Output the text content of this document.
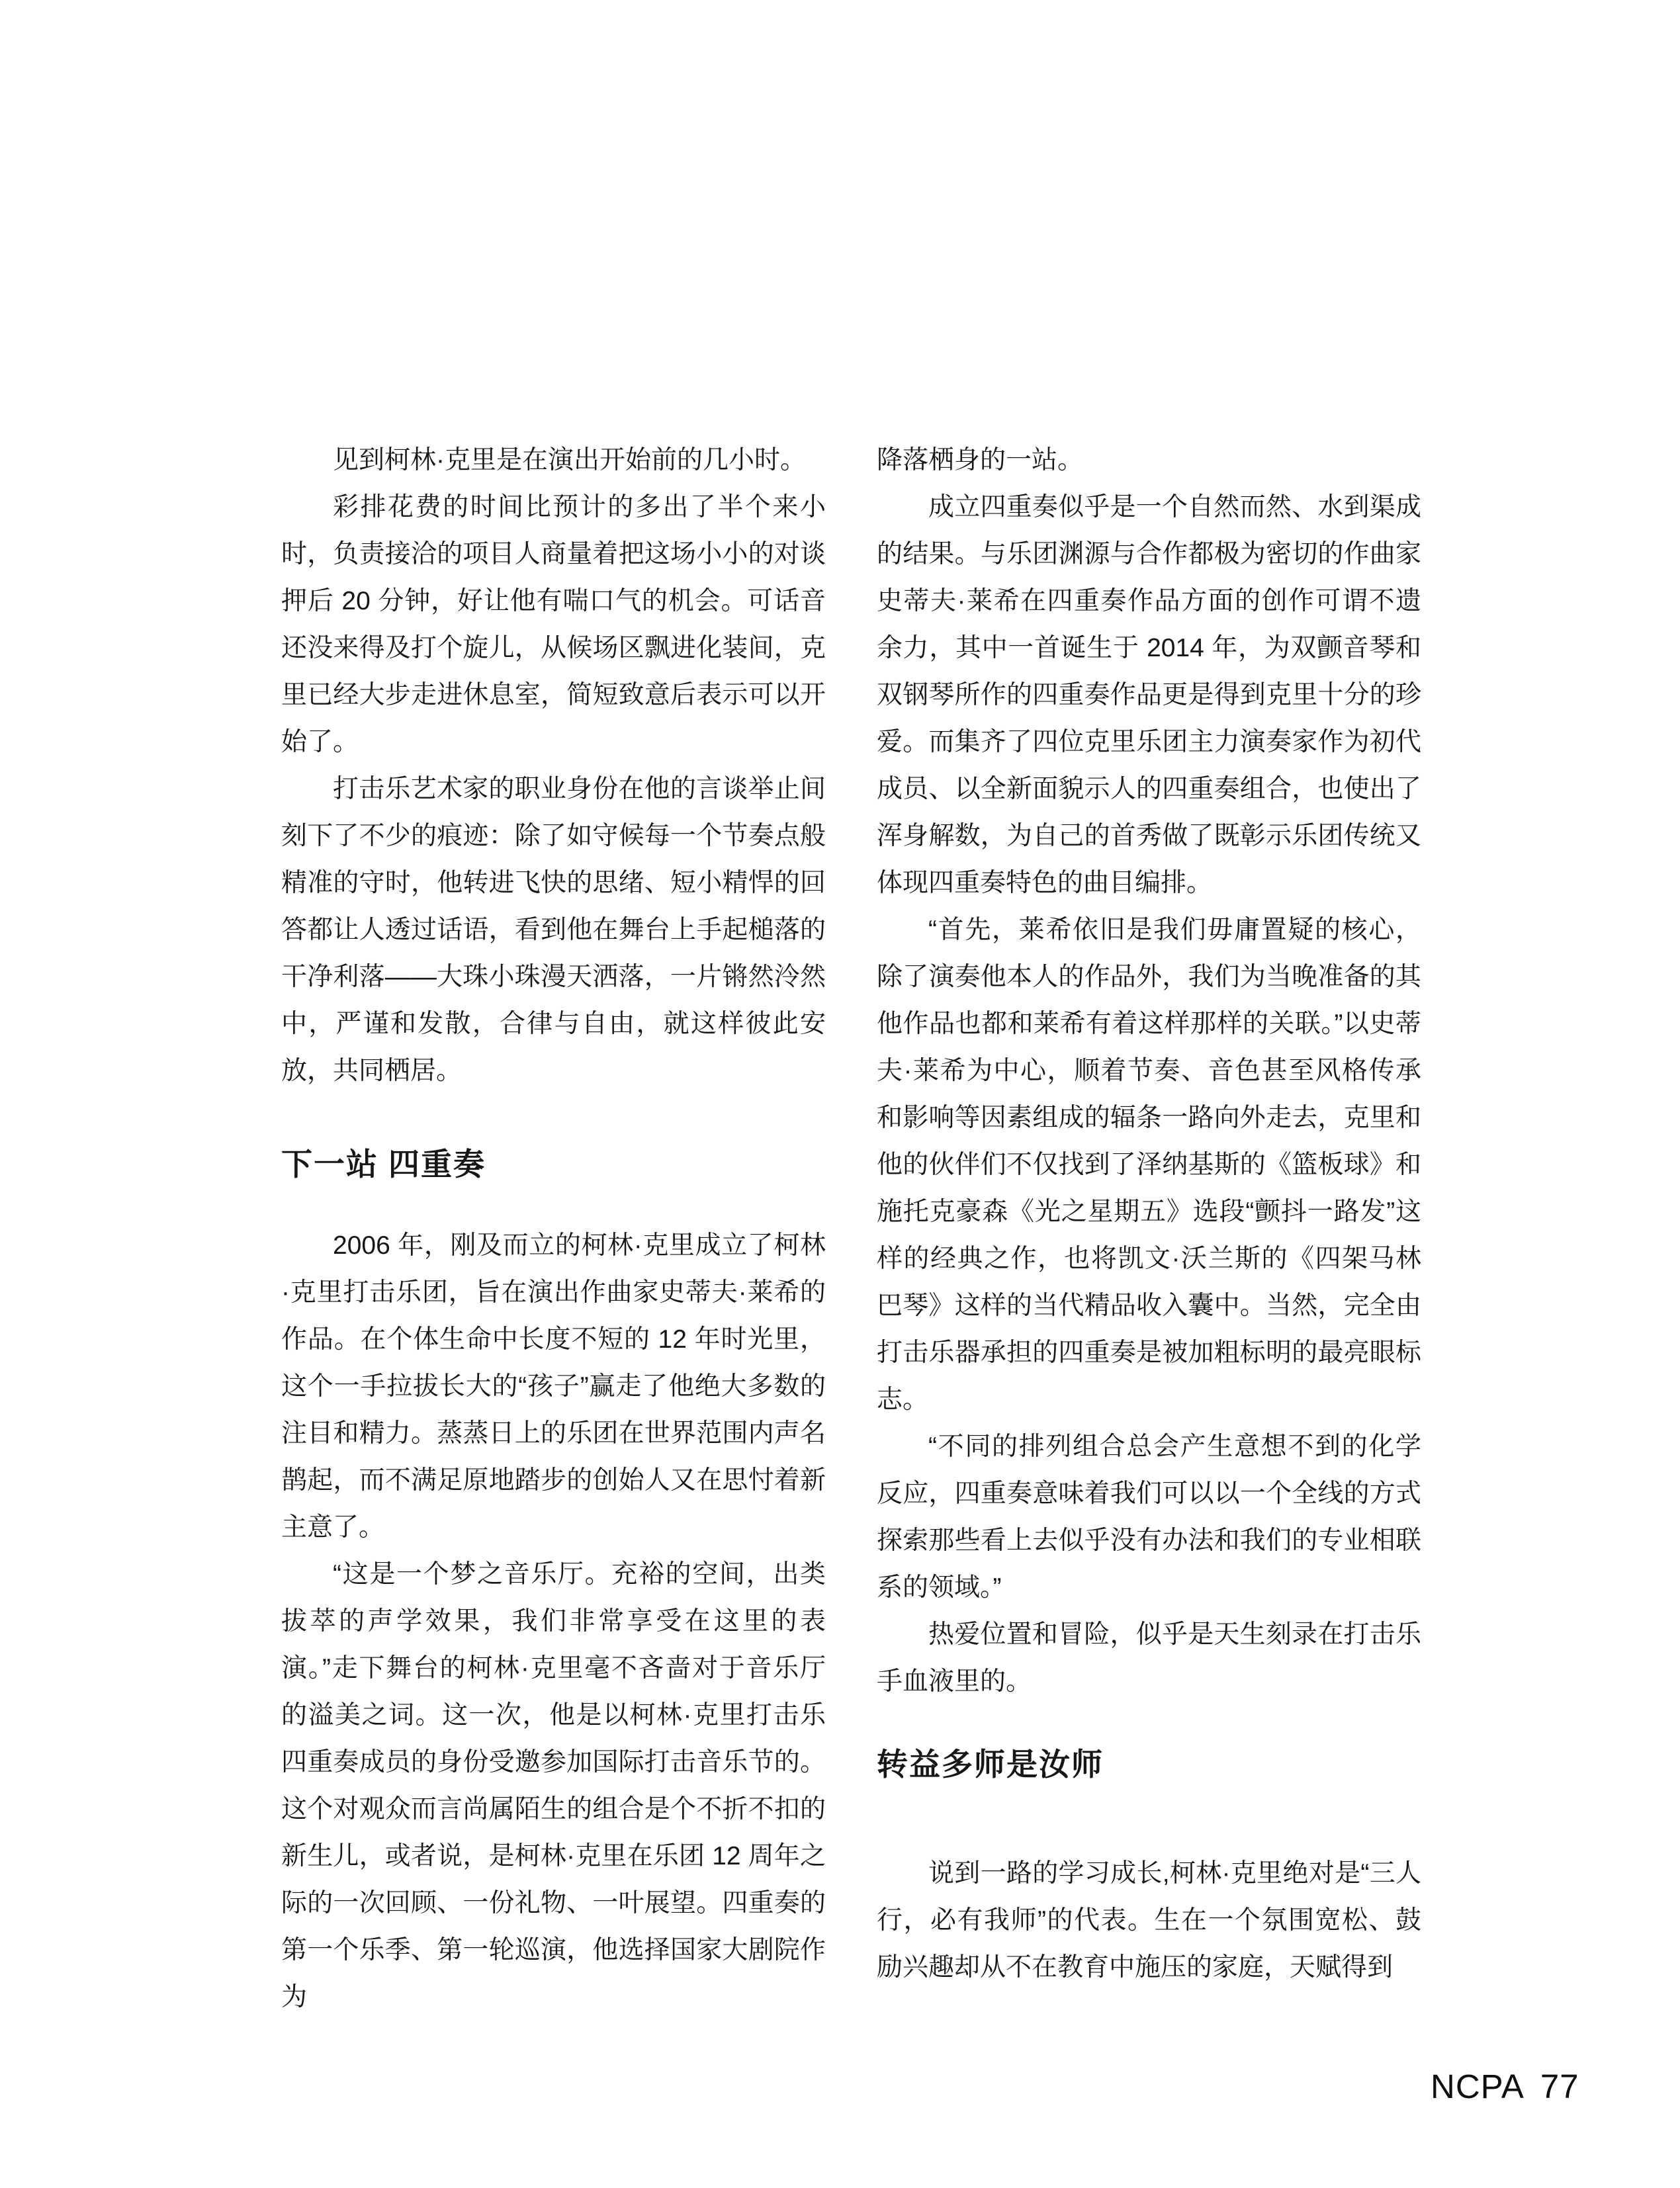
见到柯林·克里是在演出开始前的几小时。

彩排花费的时间比预计的多出了半个来小时，负责接洽的项目人商量着把这场小小的对谈押后 20 分钟，好让他有喘口气的机会。可话音还没来得及打个旋儿，从候场区飘进化装间，克里已经大步走进休息室，简短致意后表示可以开始了。

打击乐艺术家的职业身份在他的言谈举止间刻下了不少的痕迹：除了如守候每一个节奏点般精准的守时，他转进飞快的思绪、短小精悍的回答都让人透过话语，看到他在舞台上手起槌落的干净利落——大珠小珠漫天洒落，一片锵然泠然中，严谨和发散，合律与自由，就这样彼此安放，共同栖居。

下一站 四重奏

2006 年，刚及而立的柯林·克里成立了柯林·克里打击乐团，旨在演出作曲家史蒂夫·莱希的作品。在个体生命中长度不短的 12 年时光里，这个一手拉拔长大的“孩子”赢走了他绝大多数的注目和精力。蒸蒸日上的乐团在世界范围内声名鹊起，而不满足原地踏步的创始人又在思忖着新主意了。

“这是一个梦之音乐厅。充裕的空间，出类拔萃的声学效果，我们非常享受在这里的表演。”走下舞台的柯林·克里毫不吝啬对于音乐厅的溢美之词。这一次，他是以柯林·克里打击乐四重奏成员的身份受邀参加国际打击音乐节的。这个对观众而言尚属陌生的组合是个不折不扣的新生儿，或者说，是柯林·克里在乐团 12 周年之际的一次回顾、一份礼物、一叶展望。四重奏的第一个乐季、第一轮巡演，他选择国家大剧院作为

降落栖身的一站。

成立四重奏似乎是一个自然而然、水到渠成的结果。与乐团渊源与合作都极为密切的作曲家史蒂夫·莱希在四重奏作品方面的创作可谓不遗余力，其中一首诞生于 2014 年，为双颤音琴和双钢琴所作的四重奏作品更是得到克里十分的珍爱。而集齐了四位克里乐团主力演奏家作为初代成员、以全新面貌示人的四重奏组合，也使出了浑身解数，为自己的首秀做了既彰示乐团传统又体现四重奏特色的曲目编排。

“首先，莱希依旧是我们毋庸置疑的核心，除了演奏他本人的作品外，我们为当晚准备的其他作品也都和莱希有着这样那样的关联。”以史蒂夫·莱希为中心，顺着节奏、音色甚至风格传承和影响等因素组成的辐条一路向外走去，克里和他的伙伴们不仅找到了泽纳基斯的《篮板球》和施托克豪森《光之星期五》选段“颤抖一路发”这样的经典之作，也将凯文·沃兰斯的《四架马林巴琴》这样的当代精品收入囊中。当然，完全由打击乐器承担的四重奏是被加粗标明的最亮眼标志。

“不同的排列组合总会产生意想不到的化学反应，四重奏意味着我们可以以一个全线的方式探索那些看上去似乎没有办法和我们的专业相联系的领域。”

热爱位置和冒险，似乎是天生刻录在打击乐手血液里的。

转益多师是汝师

说到一路的学习成长,柯林·克里绝对是“三人行，必有我师”的代表。生在一个氛围宽松、鼓励兴趣却从不在教育中施压的家庭，天赋得到

NCPA 77
